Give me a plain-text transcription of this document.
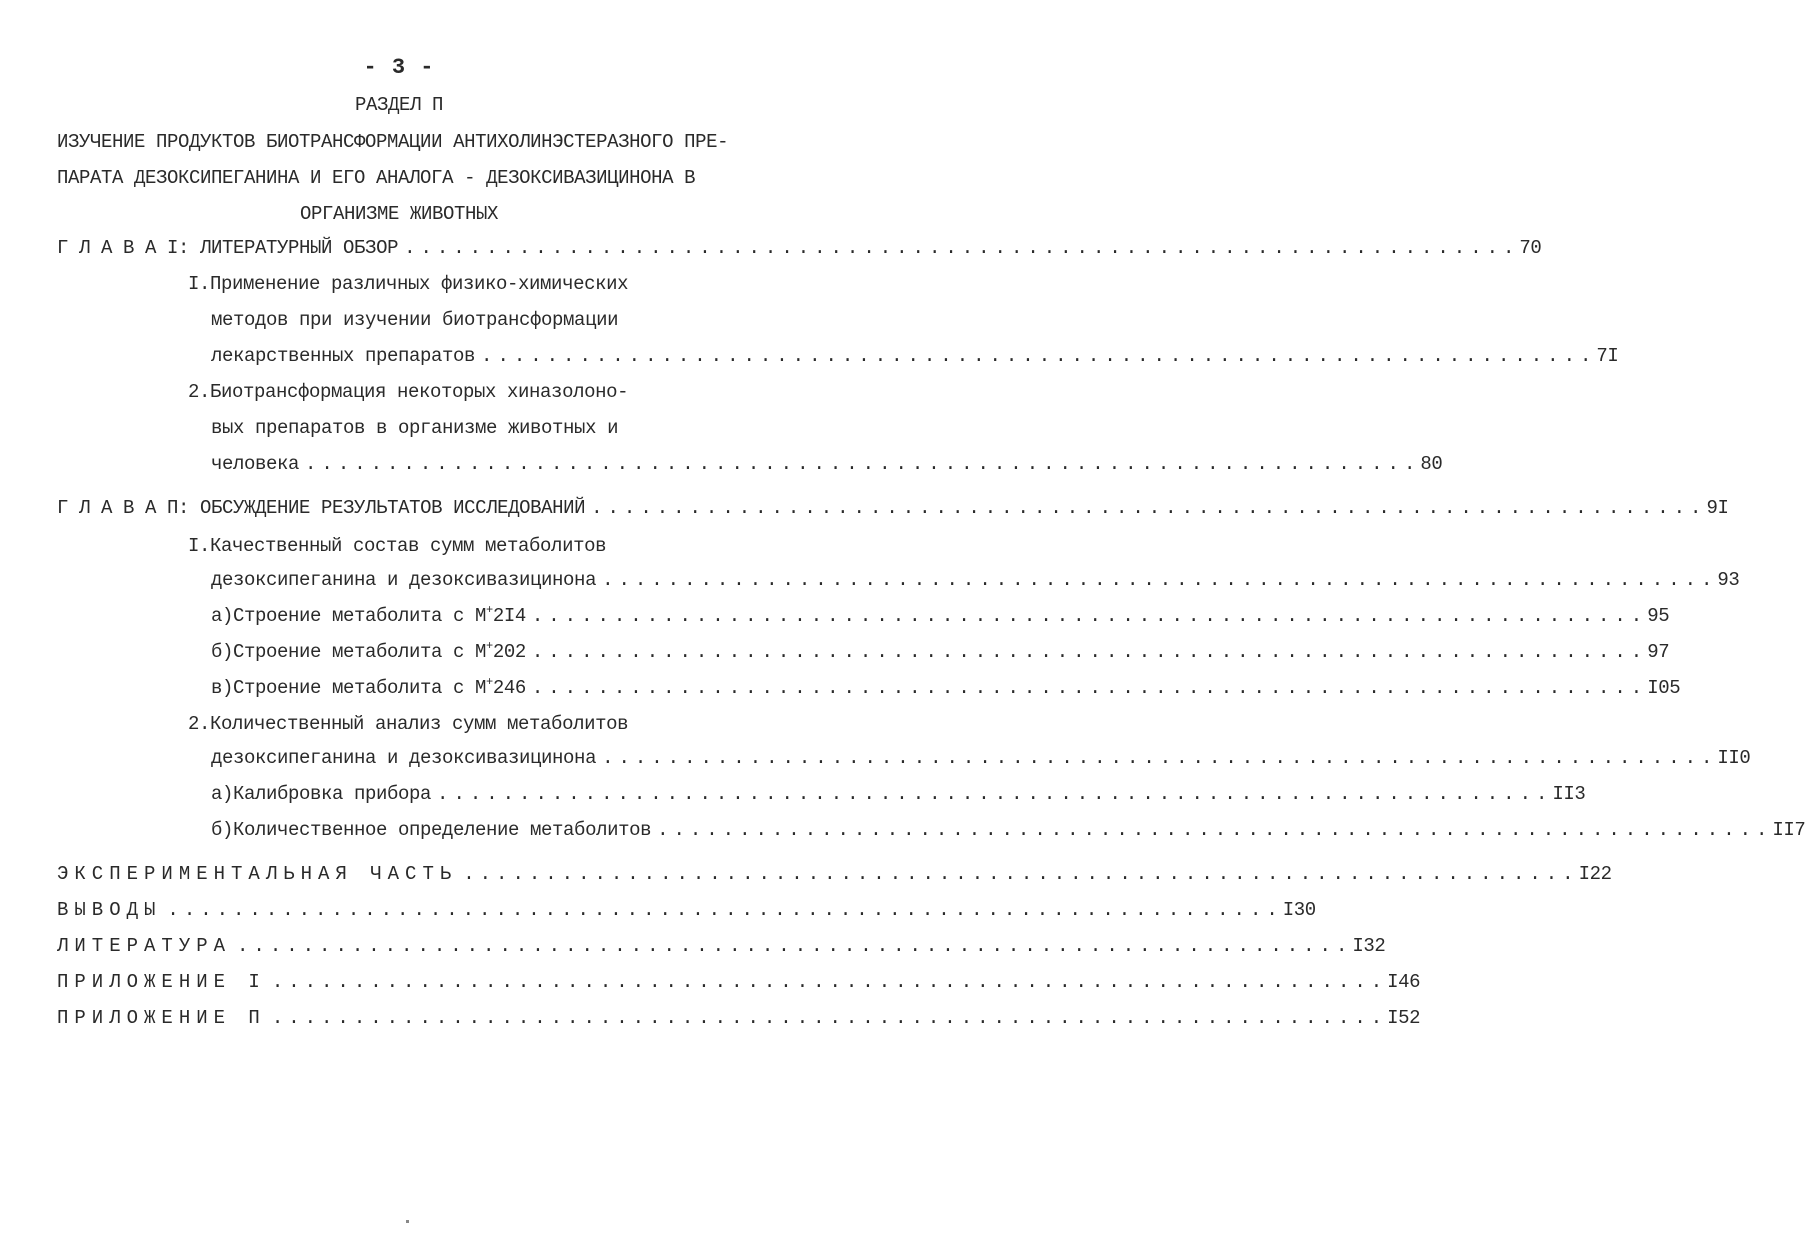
- 3 -
РАЗДЕЛ П
ИЗУЧЕНИЕ ПРОДУКТОВ БИОТРАНСФОРМАЦИИ АНТИХОЛИНЭСТЕРАЗНОГО ПРЕ-
ПАРАТА ДЕЗОКСИПЕГАНИНА И ЕГО АНАЛОГА - ДЕЗОКСИВАЗИЦИНОНА В
ОРГАНИЗМЕ ЖИВОТНЫХ
Г Л А В А I: ЛИТЕРАТУРНЫЙ ОБЗОР .................................................................... 70
I.Применение различных физико-химических
методов при изучении биотрансформации
лекарственных препаратов .................................................................... 7I
2.Биотрансформация некоторых хиназолоно-
вых препаратов в организме животных и
человека .................................................................... 80
Г Л А В А П: ОБСУЖДЕНИЕ РЕЗУЛЬТАТОВ ИССЛЕДОВАНИЙ .................................................................... 9I
I.Качественный состав сумм метаболитов
дезоксипеганина и дезоксивазицинона .................................................................... 93
а)Строение метаболита с М+2I4 .................................................................... 95
б)Строение метаболита с М+202 .................................................................... 97
в)Строение метаболита с М+246 .................................................................... I05
2.Количественный анализ сумм метаболитов
дезоксипеганина и дезоксивазицинона .................................................................... II0
а)Калибровка прибора .................................................................... II3
б)Количественное определение метаболитов .................................................................... II7
ЭКСПЕРИМЕНТАЛЬНАЯ ЧАСТЬ .................................................................... I22
ВЫВОДЫ .................................................................... I30
ЛИТЕРАТУРА .................................................................... I32
ПРИЛОЖЕНИЕ I .................................................................... I46
ПРИЛОЖЕНИЕ П .................................................................... I52
